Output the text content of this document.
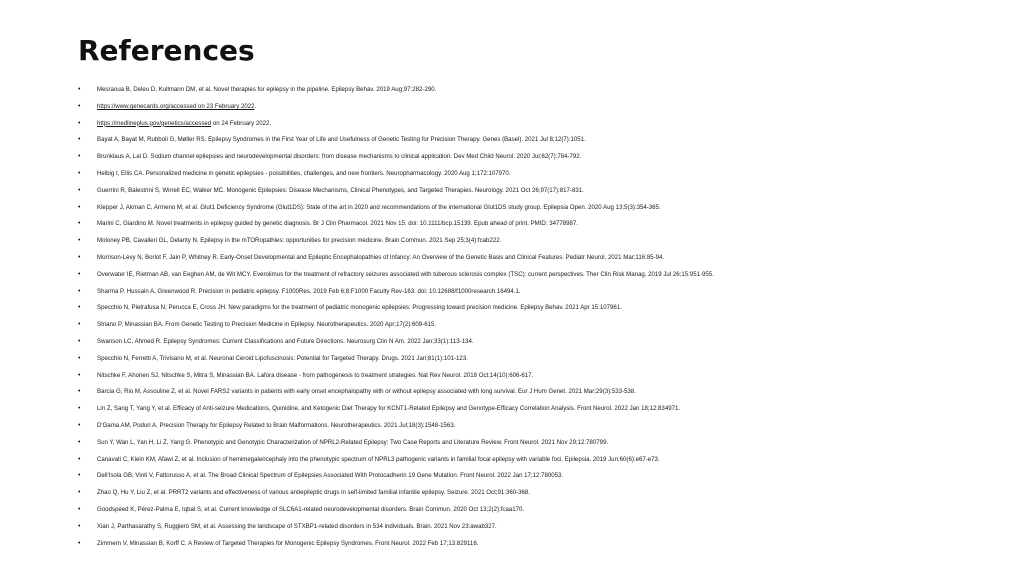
References
•	Mesraoua B, Deleu D, Kullmann DM, et al. Novel therapies for epilepsy in the pipeline. Epilepsy Behav. 2019 Aug;97:282-290.
•	https://www.genecards.org/accessed on 23 February 2022.
•	https://medlineplus.gov/genetics/accessed on 24 February 2022.
•	Bayat A, Bayat M, Rubboli G, Møller RS. Epilepsy Syndromes in the First Year of Life and Usefulness of Genetic Testing for Precision Therapy. Genes (Basel). 2021 Jul 8;12(7):1051.
•	Brunklaus A, Lal D. Sodium channel epilepsies and neurodevelopmental disorders: from disease mechanisms to clinical application. Dev Med Child Neurol. 2020 Jul;62(7):784-792.
•	Helbig I, Ellis CA. Personalized medicine in genetic epilepsies - possibilities, challenges, and new frontiers. Neuropharmacology. 2020 Aug 1;172:107970.
•	Guerrini R, Balestrini S, Wirrell EC, Walker MC. Monogenic Epilepsies: Disease Mechanisms, Clinical Phenotypes, and Targeted Therapies. Neurology. 2021 Oct 26;97(17):817-831.
•	Klepper J, Akman C, Armeno M, et al. Glut1 Deficiency Syndrome (Glut1DS): State of the art in 2020 and recommendations of the international Glut1DS study group. Epilepsia Open. 2020 Aug 13;5(3):354-365.
•	Marini C, Giardino M. Novel treatments in epilepsy guided by genetic diagnosis. Br J Clin Pharmacol. 2021 Nov 15. doi: 10.1111/bcp.15139. Epub ahead of print. PMID: 34778987.
•	Moloney PB, Cavalleri GL, Delanty N. Epilepsy in the mTORopathies: opportunities for precision medicine. Brain Commun. 2021 Sep 25;3(4):fcab222.
•	Morrison-Levy N, Borlot F, Jain P, Whitney R. Early-Onset Developmental and Epileptic Encephalopathies of Infancy: An Overview of the Genetic Basis and Clinical Features. Pediatr Neurol. 2021 Mar;116:85-94.
•	Overwater IE, Rietman AB, van Eeghen AM, de Wit MCY. Everolimus for the treatment of refractory seizures associated with tuberous sclerosis complex (TSC): current perspectives. Ther Clin Risk Manag. 2019 Jul 26;15:951-955.
•	Sharma P, Hussain A, Greenwood R. Precision in pediatric epilepsy. F1000Res. 2019 Feb 6;8:F1000 Faculty Rev-163. doi: 10.12688/f1000research.16494.1.
•	Specchio N, Pietrafusa N, Perucca E, Cross JH. New paradigms for the treatment of pediatric monogenic epilepsies: Progressing toward precision medicine. Epilepsy Behav. 2021 Apr 15:107961.
•	Striano P, Minassian BA. From Genetic Testing to Precision Medicine in Epilepsy. Neurotherapeutics. 2020 Apr;17(2):609-615.
•	Swanson LC, Ahmed R. Epilepsy Syndromes: Current Classifications and Future Directions. Neurosurg Clin N Am. 2022 Jan;33(1):113-134.
•	Specchio N, Ferretti A, Trivisano M, et al. Neuronal Ceroid Lipofuscinosis: Potential for Targeted Therapy. Drugs. 2021 Jan;81(1):101-123.
•	Nitschke F, Ahonen SJ, Nitschke S, Mitra S, Minassian BA. Lafora disease - from pathogenesis to treatment strategies. Nat Rev Neurol. 2018 Oct;14(10):606-617.
•	Barcia G, Rio M, Assouline Z, et al. Novel FARS2 variants in patients with early onset encephalopathy with or without epilepsy associated with long survival. Eur J Hum Genet. 2021 Mar;29(3):533-538.
•	Lin Z, Sang T, Yang Y, et al. Efficacy of Anti-seizure Medications, Quinidine, and Ketogenic Diet Therapy for KCNT1-Related Epilepsy and Genotype-Efficacy Correlation Analysis. Front Neurol. 2022 Jan 18;12:834971.
•	D'Gama AM, Poduri A. Precision Therapy for Epilepsy Related to Brain Malformations. Neurotherapeutics. 2021 Jul;18(3):1548-1563.
•	Sun Y, Wan L, Yan H, Li Z, Yang G. Phenotypic and Genotypic Characterization of NPRL2-Related Epilepsy: Two Case Reports and Literature Review. Front Neurol. 2021 Nov 29;12:780799.
•	Canavati C, Klein KM, Afawi Z, et al. Inclusion of hemimegalencephaly into the phenotypic spectrum of NPRL3 pathogenic variants in familial focal epilepsy with variable foci. Epilepsia. 2019 Jun;60(6):e67-e73.
•	Dell'Isola GB, Vinti V, Fattorusso A, et al. The Broad Clinical Spectrum of Epilepsies Associated With Protocadherin 19 Gene Mutation. Front Neurol. 2022 Jan 17;12:780053.
•	Zhao Q, Hu Y, Liu Z, et al. PRRT2 variants and effectiveness of various antiepileptic drugs in self-limited familial infantile epilepsy. Seizure. 2021 Oct;91:360-368.
•	Goodspeed K, Pérez-Palma E, Iqbal S, et al. Current knowledge of SLC6A1-related neurodevelopmental disorders. Brain Commun. 2020 Oct 13;2(2):fcaa170.
•	Xian J, Parthasarathy S, Ruggiero SM, et al. Assessing the landscape of STXBP1-related disorders in 534 individuals. Brain. 2021 Nov 23:awab327.
•	Zimmern V, Minassian B, Korff C. A Review of Targeted Therapies for Monogenic Epilepsy Syndromes. Front Neurol. 2022 Feb 17;13:829116.
